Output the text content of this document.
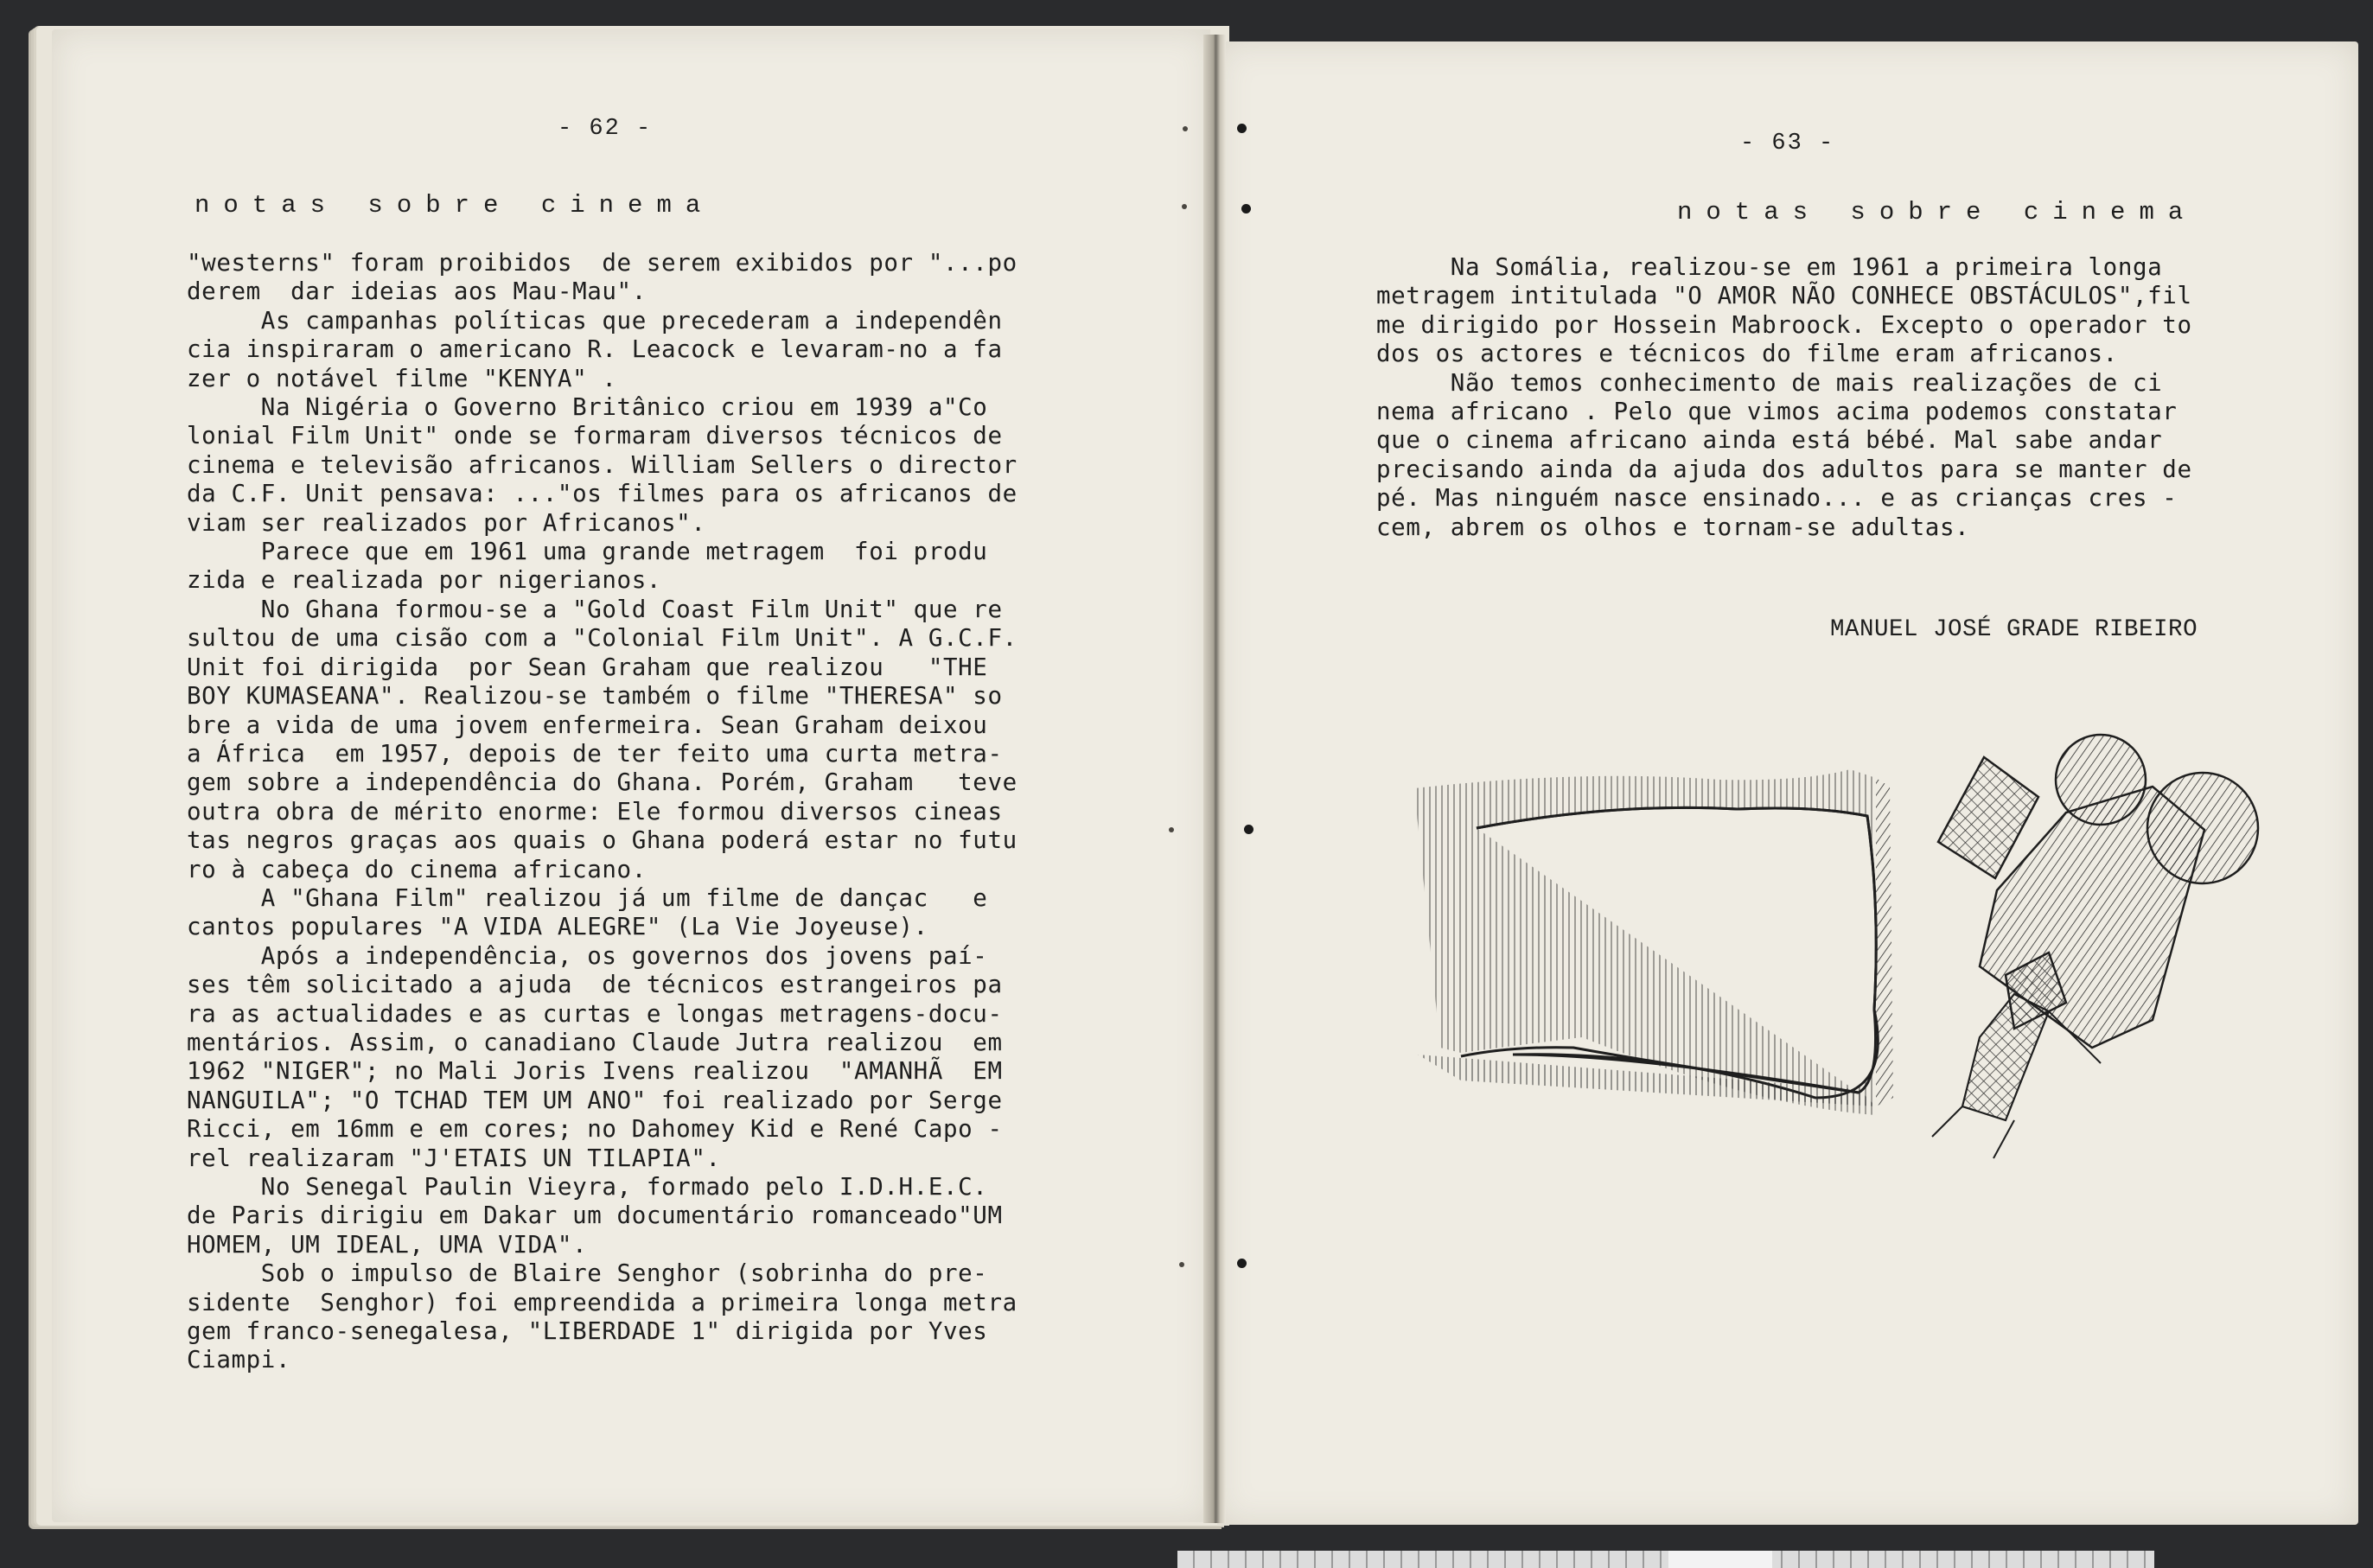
- 62 -
notas sobre cinema
"westerns" foram proibidos  de serem exibidos por "...po
derem  dar ideias aos Mau-Mau".
As campanhas políticas que precederam a independên
cia inspiraram o americano R. Leacock e levaram-no a fa
zer o notável filme "KENYA" .
Na Nigéria o Governo Britânico criou em 1939 a"Co
lonial Film Unit" onde se formaram diversos técnicos de
cinema e televisão africanos. William Sellers o director
da C.F. Unit pensava: ..."os filmes para os africanos de
viam ser realizados por Africanos".
Parece que em 1961 uma grande metragem  foi produ
zida e realizada por nigerianos.
No Ghana formou-se a "Gold Coast Film Unit" que re
sultou de uma cisão com a "Colonial Film Unit". A G.C.F.
Unit foi dirigida  por Sean Graham que realizou   "THE
BOY KUMASEANA". Realizou-se também o filme "THERESA" so
bre a vida de uma jovem enfermeira. Sean Graham deixou
a África  em 1957, depois de ter feito uma curta metra-
gem sobre a independência do Ghana. Porém, Graham   teve
outra obra de mérito enorme: Ele formou diversos cineas
tas negros graças aos quais o Ghana poderá estar no futu
ro à cabeça do cinema africano.
A "Ghana Film" realizou já um filme de dançac   e
cantos populares "A VIDA ALEGRE" (La Vie Joyeuse).
Após a independência, os governos dos jovens paí-
ses têm solicitado a ajuda  de técnicos estrangeiros pa
ra as actualidades e as curtas e longas metragens-docu-
mentários. Assim, o canadiano Claude Jutra realizou  em
1962 "NIGER"; no Mali Joris Ivens realizou  "AMANHÃ  EM
NANGUILA"; "O TCHAD TEM UM ANO" foi realizado por Serge
Ricci, em 16mm e em cores; no Dahomey Kid e René Capo -
rel realizaram "J'ETAIS UN TILAPIA".
No Senegal Paulin Vieyra, formado pelo I.D.H.E.C.
de Paris dirigiu em Dakar um documentário romanceado"UM
HOMEM, UM IDEAL, UMA VIDA".
Sob o impulso de Blaire Senghor (sobrinha do pre-
sidente  Senghor) foi empreendida a primeira longa metra
gem franco-senegalesa, "LIBERDADE 1" dirigida por Yves
Ciampi.
- 63 -
notas sobre cinema
Na Somália, realizou-se em 1961 a primeira longa
metragem intitulada "O AMOR NÃO CONHECE OBSTÁCULOS",fil
me dirigido por Hossein Mabroock. Excepto o operador to
dos os actores e técnicos do filme eram africanos.
Não temos conhecimento de mais realizações de ci
nema africano . Pelo que vimos acima podemos constatar
que o cinema africano ainda está bébé. Mal sabe andar
precisando ainda da ajuda dos adultos para se manter de
pé. Mas ninguém nasce ensinado... e as crianças cres -
cem, abrem os olhos e tornam-se adultas.
MANUEL JOSÉ GRADE RIBEIRO
